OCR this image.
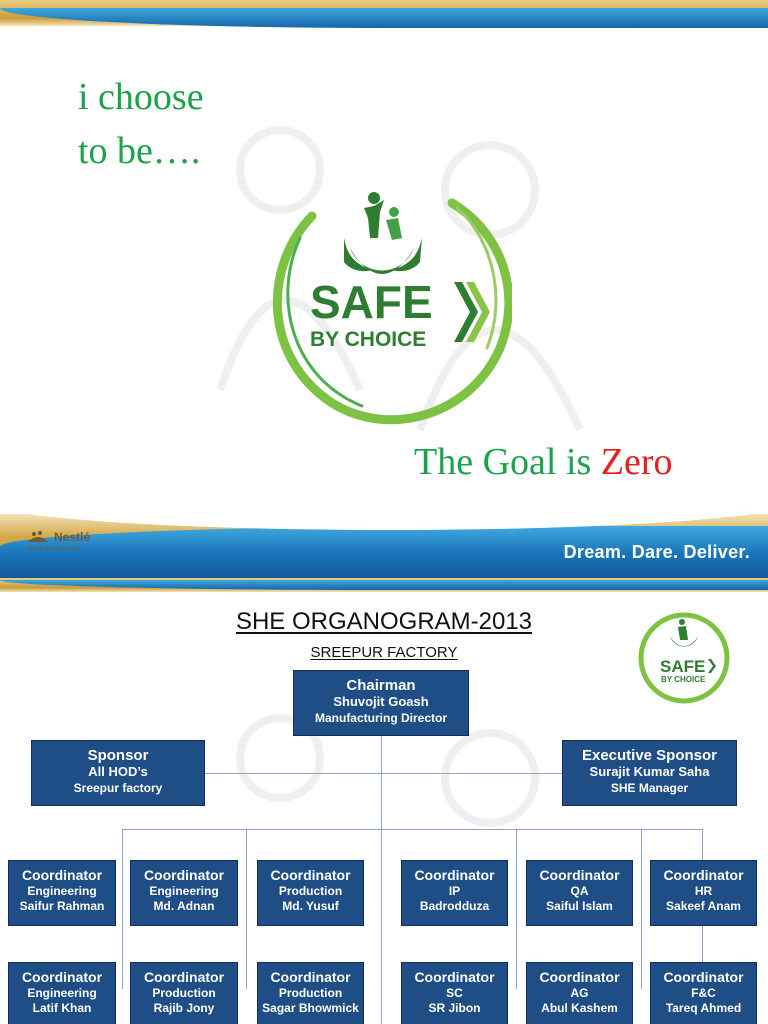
i choose
to be….
SAFE
BY CHOICE
The Goal is Zero
Nestlé
Nestlé in South Asia	Dream. Dare. Deliver.
SHE ORGANOGRAM-2013
SREEPUR FACTORY
SAFE
BY CHOICE
Chairman
Shuvojit Goash
Manufacturing Director
Sponsor
All HOD’s
Sreepur factory
Executive Sponsor
Surajit Kumar Saha
SHE Manager
Coordinator
Engineering
Saifur Rahman
Coordinator
Engineering
Md. Adnan
Coordinator
Production
Md. Yusuf
Coordinator
IP
Badrodduza
Coordinator
QA
Saiful Islam
Coordinator
HR
Sakeef Anam
Coordinator
Engineering
Latif Khan
Coordinator
Production
Rajib Jony
Coordinator
Production
Sagar Bhowmick
Coordinator
SC
SR Jibon
Coordinator
AG
Abul Kashem
Coordinator
F&C
Tareq Ahmed
